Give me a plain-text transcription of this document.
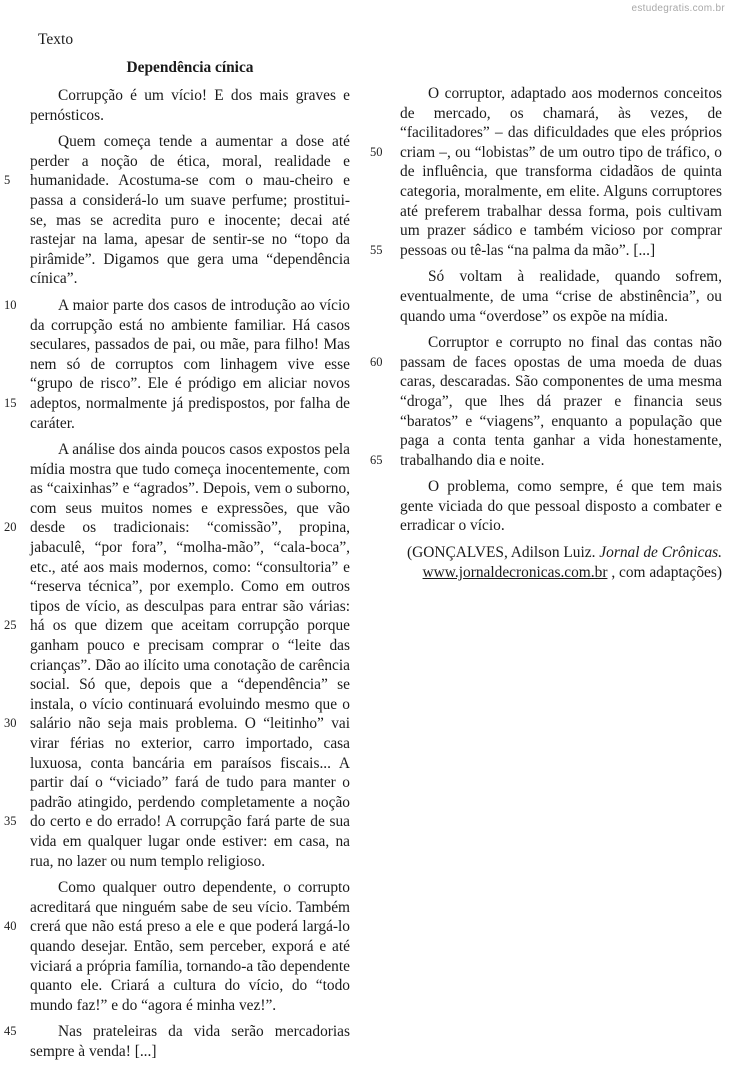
estudegratis.com.br
Texto
Dependência cínica
Corrupção é um vício! E dos mais graves e pernósticos.
5
Quem começa tende a aumentar a dose até perder a noção de ética, moral, realidade e humanidade. Acostuma-se com o mau-cheiro e passa a considerá-lo um suave perfume; prostitui-se, mas se acredita puro e inocente; decai até rastejar na lama, apesar de sentir-se no “topo da pirâmide”. Digamos que gera uma “dependência cínica”.
10
15
A maior parte dos casos de introdução ao vício da corrupção está no ambiente familiar. Há casos seculares, passados de pai, ou mãe, para filho! Mas nem só de corruptos com linhagem vive esse “grupo de risco”. Ele é pródigo em aliciar novos adeptos, normalmente já predispostos, por falha de caráter.
20
25
30
35
A análise dos ainda poucos casos expostos pela mídia mostra que tudo começa inocentemente, com as “caixinhas” e “agrados”. Depois, vem o suborno, com seus muitos nomes e expressões, que vão desde os tradicionais: “comissão”, propina, jabaculê, “por fora”, “molha-mão”, “cala-boca”, etc., até aos mais modernos, como: “consultoria” e “reserva técnica”, por exemplo. Como em outros tipos de vício, as desculpas para entrar são várias: há os que dizem que aceitam corrupção porque ganham pouco e precisam comprar o “leite das crianças”. Dão ao ilícito uma conotação de carência social. Só que, depois que a “dependência” se instala, o vício continuará evoluindo mesmo que o salário não seja mais problema. O “leitinho” vai virar férias no exterior, carro importado, casa luxuosa, conta bancária em paraísos fiscais... A partir daí o “viciado” fará de tudo para manter o padrão atingido, perdendo completamente a noção do certo e do errado! A corrupção fará parte de sua vida em qualquer lugar onde estiver: em casa, na rua, no lazer ou num templo religioso.
40
Como qualquer outro dependente, o corrupto acreditará que ninguém sabe de seu vício. Também crerá que não está preso a ele e que poderá largá-lo quando desejar. Então, sem perceber, exporá e até viciará a própria família, tornando-a tão dependente quanto ele. Criará a cultura do vício, do “todo mundo faz!” e do “agora é minha vez!”.
45	Nas prateleiras da vida serão mercadorias sempre à venda! [...]
50
55
O corruptor, adaptado aos modernos conceitos de mercado, os chamará, às vezes, de “facilitadores” – das dificuldades que eles próprios criam –, ou “lobistas” de um outro tipo de tráfico, o de influência, que transforma cidadãos de quinta categoria, moralmente, em elite. Alguns corruptores até preferem trabalhar dessa forma, pois cultivam um prazer sádico e também vicioso por comprar pessoas ou tê-las “na palma da mão”. [...]
Só voltam à realidade, quando sofrem, eventualmente, de uma “crise de abstinência”, ou quando uma “overdose” os expõe na mídia.
60
65
Corruptor e corrupto no final das contas não passam de faces opostas de uma moeda de duas caras, descaradas. São componentes de uma mesma “droga”, que lhes dá prazer e financia seus “baratos” e “viagens”, enquanto a população que paga a conta tenta ganhar a vida honestamente, trabalhando dia e noite.
O problema, como sempre, é que tem mais gente viciada do que pessoal disposto a combater e erradicar o vício.
(GONÇALVES, Adilson Luiz. Jornal de Crônicas.
www.jornaldecronicas.com.br , com adaptações)
